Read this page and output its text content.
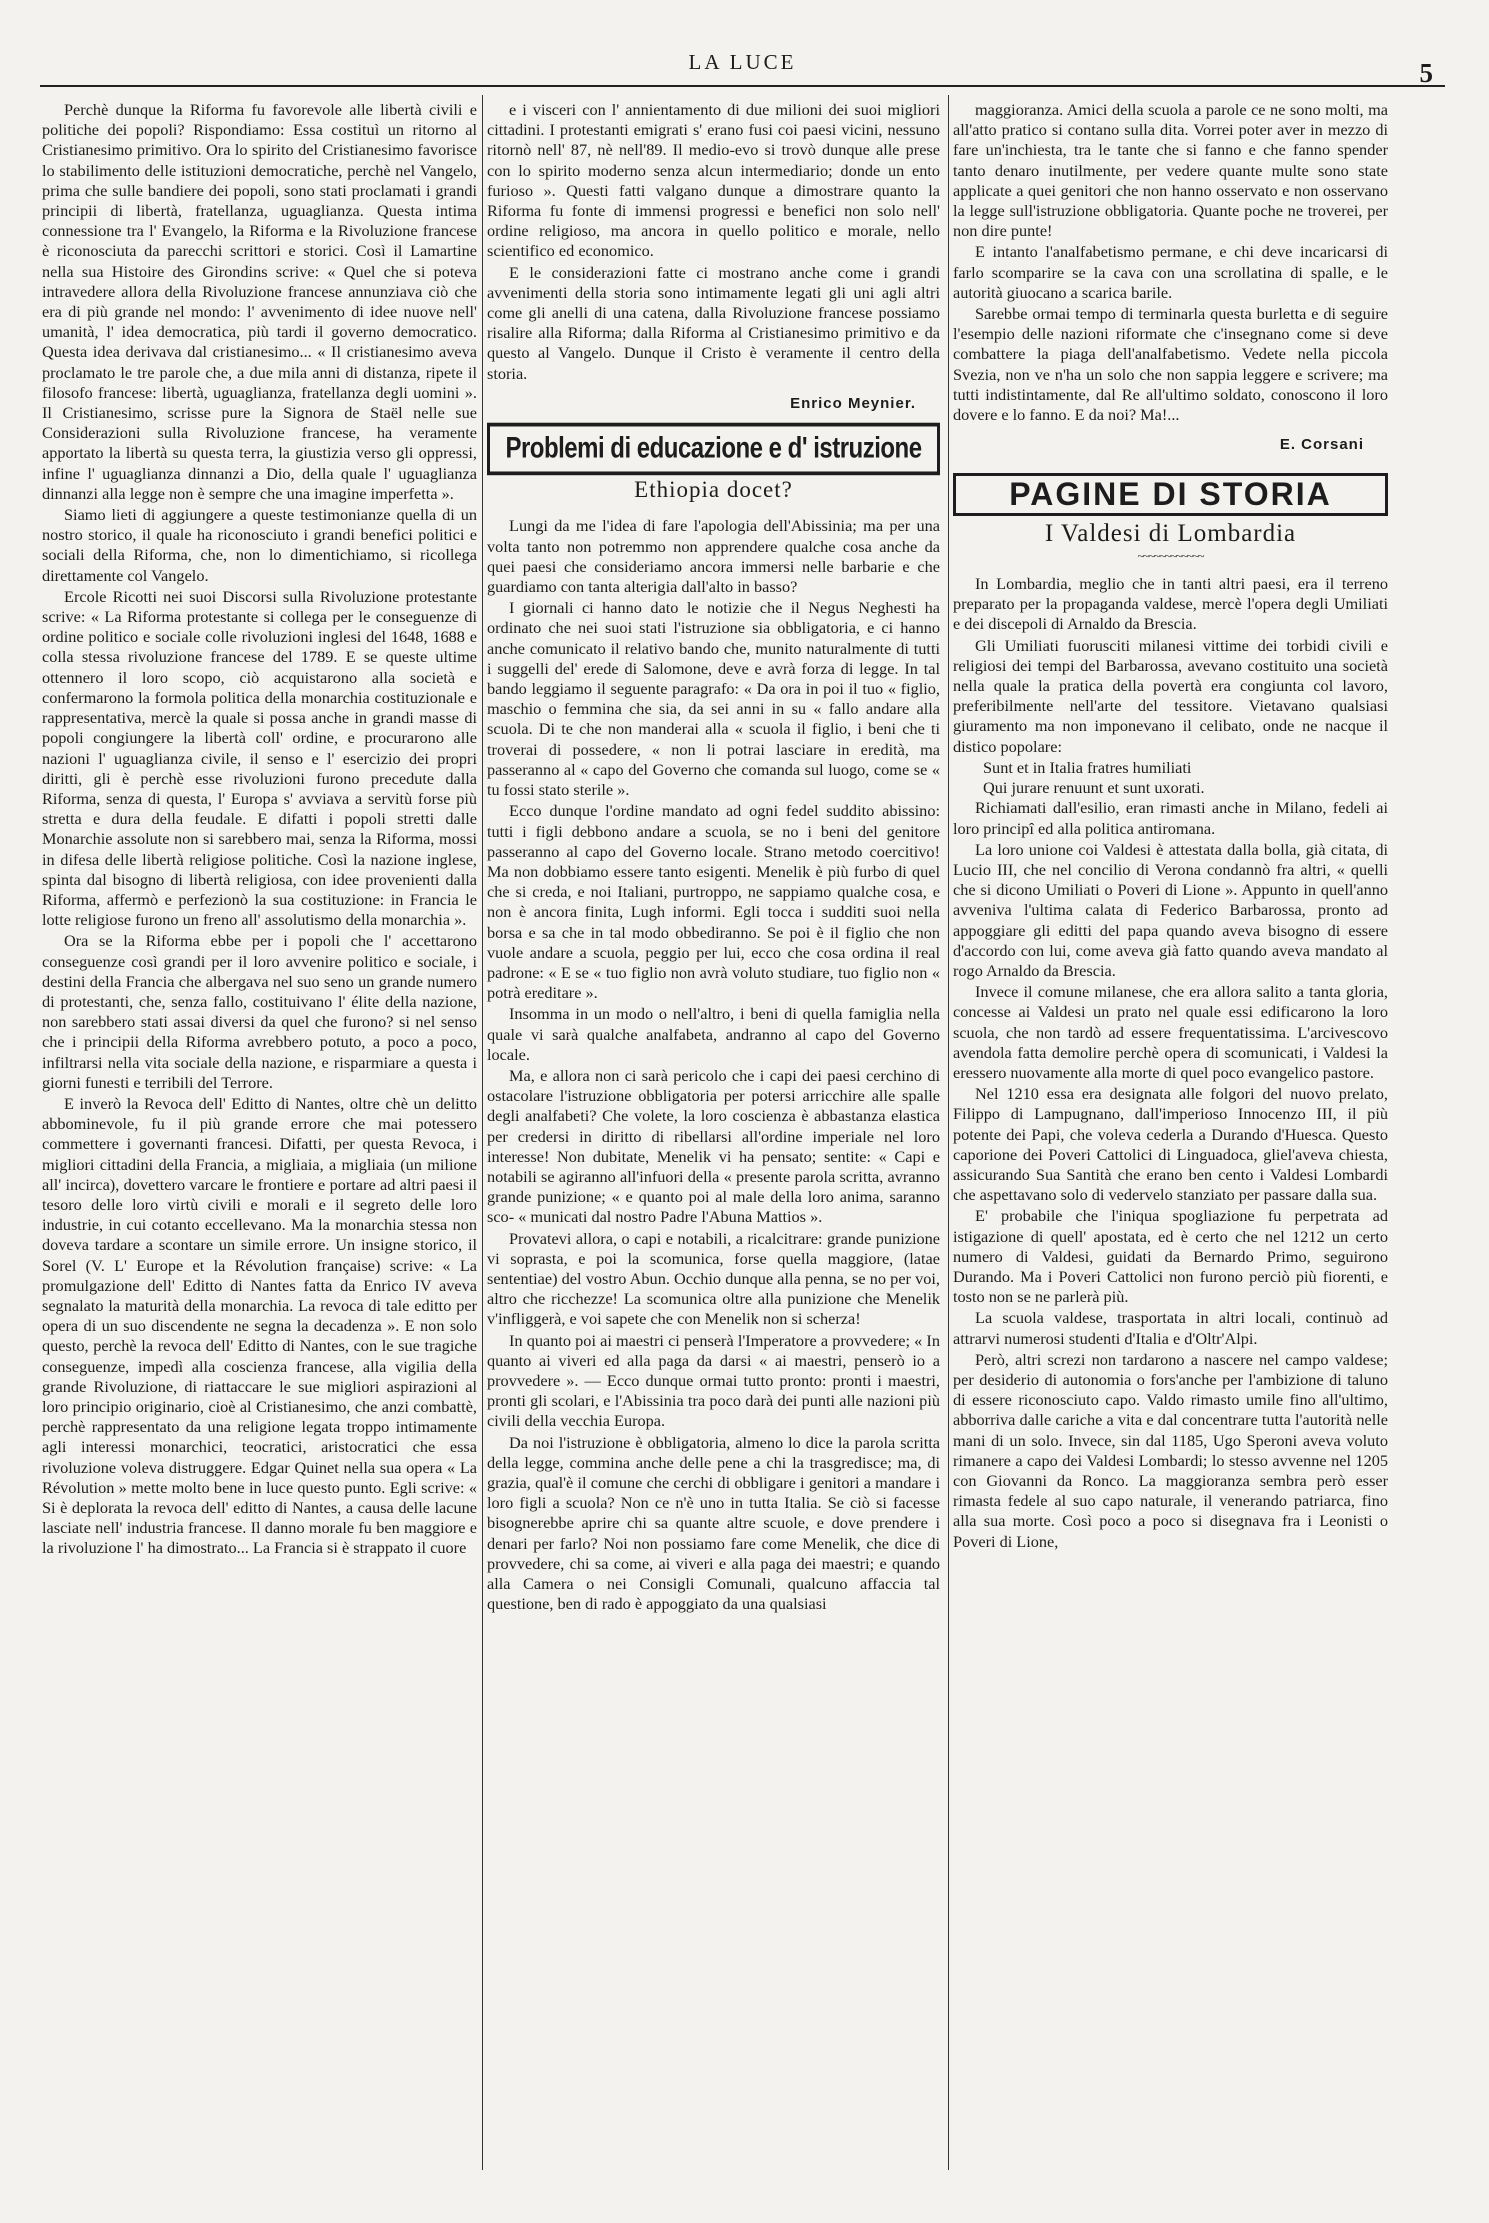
LA LUCE	5

Perchè dunque la Riforma fu favorevole alle libertà civili e politiche dei popoli? Rispondiamo: Essa costituì un ritorno al Cristianesimo primitivo. Ora lo spirito del Cristianesimo favorisce lo stabilimento delle istituzioni democratiche, perchè nel Vangelo, prima che sulle bandiere dei popoli, sono stati proclamati i grandi principii di libertà, fratellanza, uguaglianza. Questa intima connessione tra l' Evangelo, la Riforma e la Rivoluzione francese è riconosciuta da parecchi scrittori e storici. Così il Lamartine nella sua Histoire des Girondins scrive: « Quel che si poteva intravedere allora della Rivoluzione francese annunziava ciò che era di più grande nel mondo: l' avvenimento di idee nuove nell' umanità, l' idea democratica, più tardi il governo democratico. Questa idea derivava dal cristianesimo... « Il cristianesimo aveva proclamato le tre parole che, a due mila anni di distanza, ripete il filosofo francese: libertà, uguaglianza, fratellanza degli uomini ». Il Cristianesimo, scrisse pure la Signora de Staël nelle sue Considerazioni sulla Rivoluzione francese, ha veramente apportato la libertà su questa terra, la giustizia verso gli oppressi, infine l' uguaglianza dinnanzi a Dio, della quale l' uguaglianza dinnanzi alla legge non è sempre che una imagine imperfetta ».

Siamo lieti di aggiungere a queste testimonianze quella di un nostro storico, il quale ha riconosciuto i grandi benefici politici e sociali della Riforma, che, non lo dimentichiamo, si ricollega direttamente col Vangelo.

Ercole Ricotti nei suoi Discorsi sulla Rivoluzione protestante scrive: « La Riforma protestante si collega per le conseguenze di ordine politico e sociale colle rivoluzioni inglesi del 1648, 1688 e colla stessa rivoluzione francese del 1789. E se queste ultime ottennero il loro scopo, ciò acquistarono alla società e confermarono la formola politica della monarchia costituzionale e rappresentativa, mercè la quale si possa anche in grandi masse di popoli congiungere la libertà coll' ordine, e procurarono alle nazioni l' uguaglianza civile, il senso e l' esercizio dei propri diritti, gli è perchè esse rivoluzioni furono precedute dalla Riforma, senza di questa, l' Europa s' avviava a servitù forse più stretta e dura della feudale. E difatti i popoli stretti dalle Monarchie assolute non si sarebbero mai, senza la Riforma, mossi in difesa delle libertà religiose politiche. Così la nazione inglese, spinta dal bisogno di libertà religiosa, con idee provenienti dalla Riforma, affermò e perfezionò la sua costituzione: in Francia le lotte religiose furono un freno all' assolutismo della monarchia ».

Ora se la Riforma ebbe per i popoli che l' accettarono conseguenze così grandi per il loro avvenire politico e sociale, i destini della Francia che albergava nel suo seno un grande numero di protestanti, che, senza fallo, costituivano l' élite della nazione, non sarebbero stati assai diversi da quel che furono? si nel senso che i principii della Riforma avrebbero potuto, a poco a poco, infiltrarsi nella vita sociale della nazione, e risparmiare a questa i giorni funesti e terribili del Terrore.

E inverò la Revoca dell' Editto di Nantes, oltre chè un delitto abbominevole, fu il più grande errore che mai potessero commettere i governanti francesi. Difatti, per questa Revoca, i migliori cittadini della Francia, a migliaia, a migliaia (un milione all' incirca), dovettero varcare le frontiere e portare ad altri paesi il tesoro delle loro virtù civili e morali e il segreto delle loro industrie, in cui cotanto eccellevano. Ma la monarchia stessa non doveva tardare a scontare un simile errore. Un insigne storico, il Sorel (V. L' Europe et la Révolution française) scrive: « La promulgazione dell' Editto di Nantes fatta da Enrico IV aveva segnalato la maturità della monarchia. La revoca di tale editto per opera di un suo discendente ne segna la decadenza ». E non solo questo, perchè la revoca dell' Editto di Nantes, con le sue tragiche conseguenze, impedì alla coscienza francese, alla vigilia della grande Rivoluzione, di riattaccare le sue migliori aspirazioni al loro principio originario, cioè al Cristianesimo, che anzi combattè, perchè rappresentato da una religione legata troppo intimamente agli interessi monarchici, teocratici, aristocratici che essa rivoluzione voleva distruggere. Edgar Quinet nella sua opera « La Révolution » mette molto bene in luce questo punto. Egli scrive: « Si è deplorata la revoca dell' editto di Nantes, a causa delle lacune lasciate nell' industria francese. Il danno morale fu ben maggiore e la rivoluzione l' ha dimostrato... La Francia si è strappato il cuore

e i visceri con l' annientamento di due milioni dei suoi migliori cittadini. I protestanti emigrati s' erano fusi coi paesi vicini, nessuno ritornò nell' 87, nè nell'89. Il medio-evo si trovò dunque alle prese con lo spirito moderno senza alcun intermediario; donde un ento furioso ». Questi fatti valgano dunque a dimostrare quanto la Riforma fu fonte di immensi progressi e benefici non solo nell' ordine religioso, ma ancora in quello politico e morale, nello scientifico ed economico.

E le considerazioni fatte ci mostrano anche come i grandi avvenimenti della storia sono intimamente legati gli uni agli altri come gli anelli di una catena, dalla Rivoluzione francese possiamo risalire alla Riforma; dalla Riforma al Cristianesimo primitivo e da questo al Vangelo. Dunque il Cristo è veramente il centro della storia.

Enrico Meynier.

Problemi di educazione e d' istruzione
Ethiopia docet?

Lungi da me l'idea di fare l'apologia dell'Abissinia; ma per una volta tanto non potremmo non apprendere qualche cosa anche da quei paesi che consideriamo ancora immersi nelle barbarie e che guardiamo con tanta alterigia dall'alto in basso?

I giornali ci hanno dato le notizie che il Negus Neghesti ha ordinato che nei suoi stati l'istruzione sia obbligatoria, e ci hanno anche comunicato il relativo bando che, munito naturalmente di tutti i suggelli del' erede di Salomone, deve e avrà forza di legge. In tal bando leggiamo il seguente paragrafo: « Da ora in poi il tuo « figlio, maschio o femmina che sia, da sei anni in su « fallo andare alla scuola. Di te che non manderai alla « scuola il figlio, i beni che ti troverai di possedere, « non li potrai lasciare in eredità, ma passeranno al « capo del Governo che comanda sul luogo, come se « tu fossi stato sterile ».

Ecco dunque l'ordine mandato ad ogni fedel suddito abissino: tutti i figli debbono andare a scuola, se no i beni del genitore passeranno al capo del Governo locale. Strano metodo coercitivo! Ma non dobbiamo essere tanto esigenti. Menelik è più furbo di quel che si creda, e noi Italiani, purtroppo, ne sappiamo qualche cosa, e non è ancora finita, Lugh informi. Egli tocca i sudditi suoi nella borsa e sa che in tal modo obbediranno. Se poi è il figlio che non vuole andare a scuola, peggio per lui, ecco che cosa ordina il real padrone: « E se « tuo figlio non avrà voluto studiare, tuo figlio non « potrà ereditare ».

Insomma in un modo o nell'altro, i beni di quella famiglia nella quale vi sarà qualche analfabeta, andranno al capo del Governo locale.

Ma, e allora non ci sarà pericolo che i capi dei paesi cerchino di ostacolare l'istruzione obbligatoria per potersi arricchire alle spalle degli analfabeti? Che volete, la loro coscienza è abbastanza elastica per credersi in diritto di ribellarsi all'ordine imperiale nel loro interesse! Non dubitate, Menelik vi ha pensato; sentite: « Capi e notabili se agiranno all'infuori della « presente parola scritta, avranno grande punizione; « e quanto poi al male della loro anima, saranno sco- « municati dal nostro Padre l'Abuna Mattios ».

Provatevi allora, o capi e notabili, a ricalcitrare: grande punizione vi soprasta, e poi la scomunica, forse quella maggiore, (latae sententiae) del vostro Abun. Occhio dunque alla penna, se no per voi, altro che ricchezze! La scomunica oltre alla punizione che Menelik v'infliggerà, e voi sapete che con Menelik non si scherza!

In quanto poi ai maestri ci penserà l'Imperatore a provvedere; « In quanto ai viveri ed alla paga da darsi « ai maestri, penserò io a provvedere ». — Ecco dunque ormai tutto pronto: pronti i maestri, pronti gli scolari, e l'Abissinia tra poco darà dei punti alle nazioni più civili della vecchia Europa.

Da noi l'istruzione è obbligatoria, almeno lo dice la parola scritta della legge, commina anche delle pene a chi la trasgredisce; ma, di grazia, qual'è il comune che cerchi di obbligare i genitori a mandare i loro figli a scuola? Non ce n'è uno in tutta Italia. Se ciò si facesse bisognerebbe aprire chi sa quante altre scuole, e dove prendere i denari per farlo? Noi non possiamo fare come Menelik, che dice di provvedere, chi sa come, ai viveri e alla paga dei maestri; e quando alla Camera o nei Consigli Comunali, qualcuno affaccia tal questione, ben di rado è appoggiato da una qualsiasi

maggioranza. Amici della scuola a parole ce ne sono molti, ma all'atto pratico si contano sulla dita. Vorrei poter aver in mezzo di fare un'inchiesta, tra le tante che si fanno e che fanno spender tanto denaro inutilmente, per vedere quante multe sono state applicate a quei genitori che non hanno osservato e non osservano la legge sull'istruzione obbligatoria. Quante poche ne troverei, per non dire punte!

E intanto l'analfabetismo permane, e chi deve incaricarsi di farlo scomparire se la cava con una scrollatina di spalle, e le autorità giuocano a scarica barile.

Sarebbe ormai tempo di terminarla questa burletta e di seguire l'esempio delle nazioni riformate che c'insegnano come si deve combattere la piaga dell'analfabetismo. Vedete nella piccola Svezia, non ve n'ha un solo che non sappia leggere e scrivere; ma tutti indistintamente, dal Re all'ultimo soldato, conoscono il loro dovere e lo fanno. E da noi? Ma!...

E. Corsani

PAGINE DI STORIA
I Valdesi di Lombardia
~~~~~~~~~~~~

In Lombardia, meglio che in tanti altri paesi, era il terreno preparato per la propaganda valdese, mercè l'opera degli Umiliati e dei discepoli di Arnaldo da Brescia.

Gli Umiliati fuorusciti milanesi vittime dei torbidi civili e religiosi dei tempi del Barbarossa, avevano costituito una società nella quale la pratica della povertà era congiunta col lavoro, preferibilmente nell'arte del tessitore. Vietavano qualsiasi giuramento ma non imponevano il celibato, onde ne nacque il distico popolare:

Sunt et in Italia fratres humiliati

Qui jurare renuunt et sunt uxorati.

Richiamati dall'esilio, eran rimasti anche in Milano, fedeli ai loro principî ed alla politica antiromana.

La loro unione coi Valdesi è attestata dalla bolla, già citata, di Lucio III, che nel concilio di Verona condannò fra altri, « quelli che si dicono Umiliati o Poveri di Lione ». Appunto in quell'anno avveniva l'ultima calata di Federico Barbarossa, pronto ad appoggiare gli editti del papa quando aveva bisogno di essere d'accordo con lui, come aveva già fatto quando aveva mandato al rogo Arnaldo da Brescia.

Invece il comune milanese, che era allora salito a tanta gloria, concesse ai Valdesi un prato nel quale essi edificarono la loro scuola, che non tardò ad essere frequentatissima. L'arcivescovo avendola fatta demolire perchè opera di scomunicati, i Valdesi la eressero nuovamente alla morte di quel poco evangelico pastore.

Nel 1210 essa era designata alle folgori del nuovo prelato, Filippo di Lampugnano, dall'imperioso Innocenzo III, il più potente dei Papi, che voleva cederla a Durando d'Huesca. Questo caporione dei Poveri Cattolici di Linguadoca, gliel'aveva chiesta, assicurando Sua Santità che erano ben cento i Valdesi Lombardi che aspettavano solo di vedervelo stanziato per passare dalla sua.

E' probabile che l'iniqua spogliazione fu perpetrata ad istigazione di quell' apostata, ed è certo che nel 1212 un certo numero di Valdesi, guidati da Bernardo Primo, seguirono Durando. Ma i Poveri Cattolici non furono perciò più fiorenti, e tosto non se ne parlerà più.

La scuola valdese, trasportata in altri locali, continuò ad attrarvi numerosi studenti d'Italia e d'Oltr'Alpi.

Però, altri screzi non tardarono a nascere nel campo valdese; per desiderio di autonomia o fors'anche per l'ambizione di taluno di essere riconosciuto capo. Valdo rimasto umile fino all'ultimo, abborriva dalle cariche a vita e dal concentrare tutta l'autorità nelle mani di un solo. Invece, sin dal 1185, Ugo Speroni aveva voluto rimanere a capo dei Valdesi Lombardi; lo stesso avvenne nel 1205 con Giovanni da Ronco. La maggioranza sembra però esser rimasta fedele al suo capo naturale, il venerando patriarca, fino alla sua morte. Così poco a poco si disegnava fra i Leonisti o Poveri di Lione,
